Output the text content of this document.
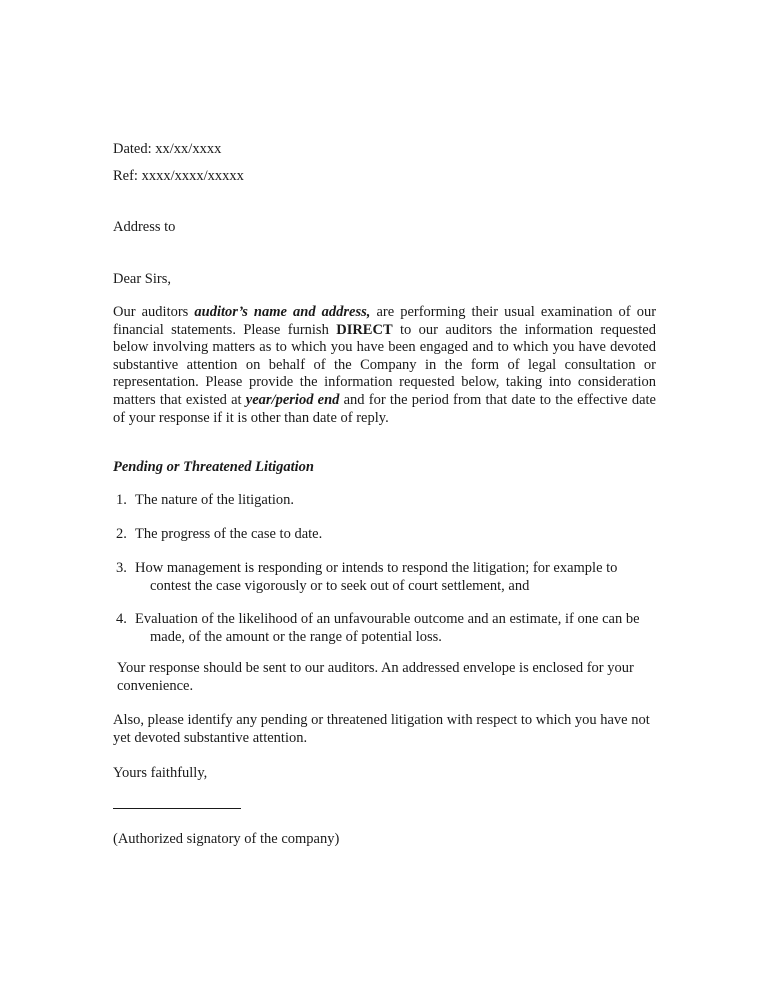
Dated: xx/xx/xxxx
Ref: xxxx/xxxx/xxxxx
Address to
Dear Sirs,
Our auditors auditor’s name and address, are performing their usual examination of our financial statements. Please furnish DIRECT to our auditors the information requested below involving matters as to which you have been engaged and to which you have devoted substantive attention on behalf of the Company in the form of legal consultation or representation. Please provide the information requested below, taking into consideration matters that existed at year/period end and for the period from that date to the effective date of your response if it is other than date of reply.
Pending or Threatened Litigation
1. The nature of the litigation.
2. The progress of the case to date.
3. How management is responding or intends to respond the litigation; for example to contest the case vigorously or to seek out of court settlement, and
4. Evaluation of the likelihood of an unfavourable outcome and an estimate, if one can be made, of the amount or the range of potential loss.
Your response should be sent to our auditors. An addressed envelope is enclosed for your convenience.
Also, please identify any pending or threatened litigation with respect to which you have not yet devoted substantive attention.
Yours faithfully,
(Authorized signatory of the company)
